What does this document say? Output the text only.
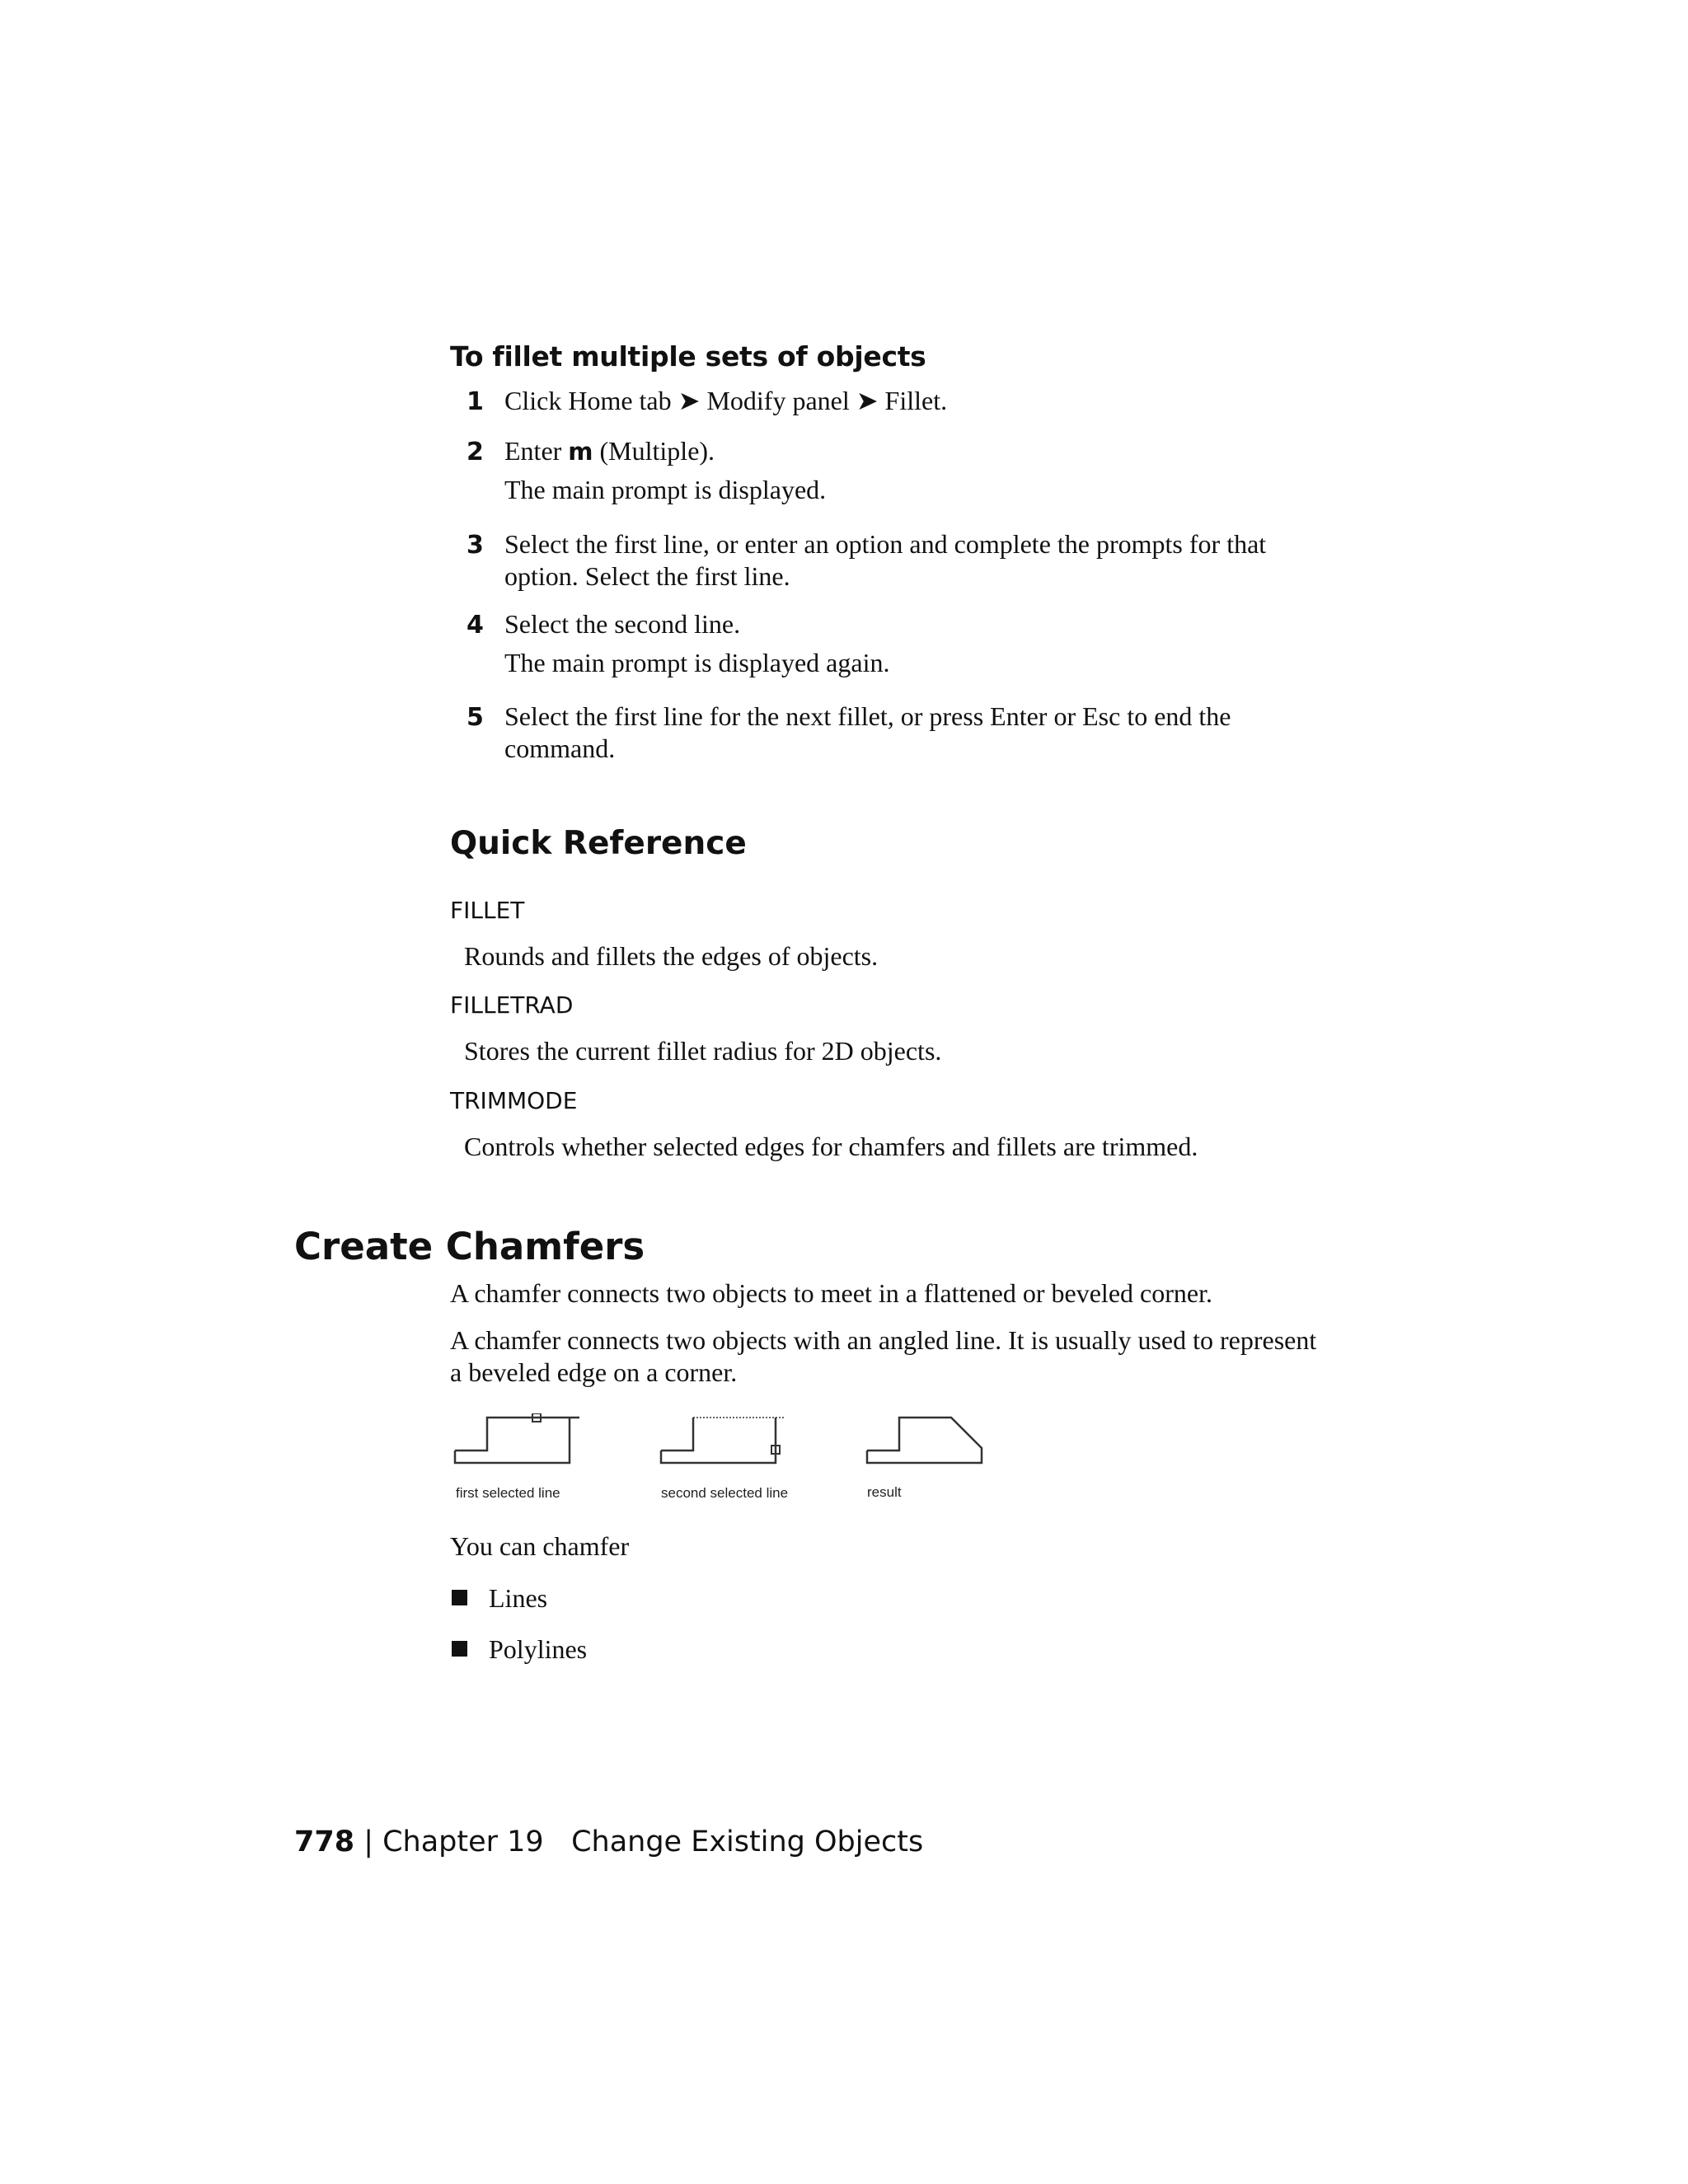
To fillet multiple sets of objects
1 Click Home tab ➤ Modify panel ➤ Fillet.
2 Enter m (Multiple).
The main prompt is displayed.
3 Select the first line, or enter an option and complete the prompts for that option. Select the first line.
4 Select the second line.
The main prompt is displayed again.
5 Select the first line for the next fillet, or press Enter or Esc to end the command.
Quick Reference
FILLET
Rounds and fillets the edges of objects.
FILLETRAD
Stores the current fillet radius for 2D objects.
TRIMMODE
Controls whether selected edges for chamfers and fillets are trimmed.
Create Chamfers
A chamfer connects two objects to meet in a flattened or beveled corner.
A chamfer connects two objects with an angled line. It is usually used to represent a beveled edge on a corner.
first selected line	second selected line	result
You can chamfer
Lines
Polylines
778 | Chapter 19 Change Existing Objects
